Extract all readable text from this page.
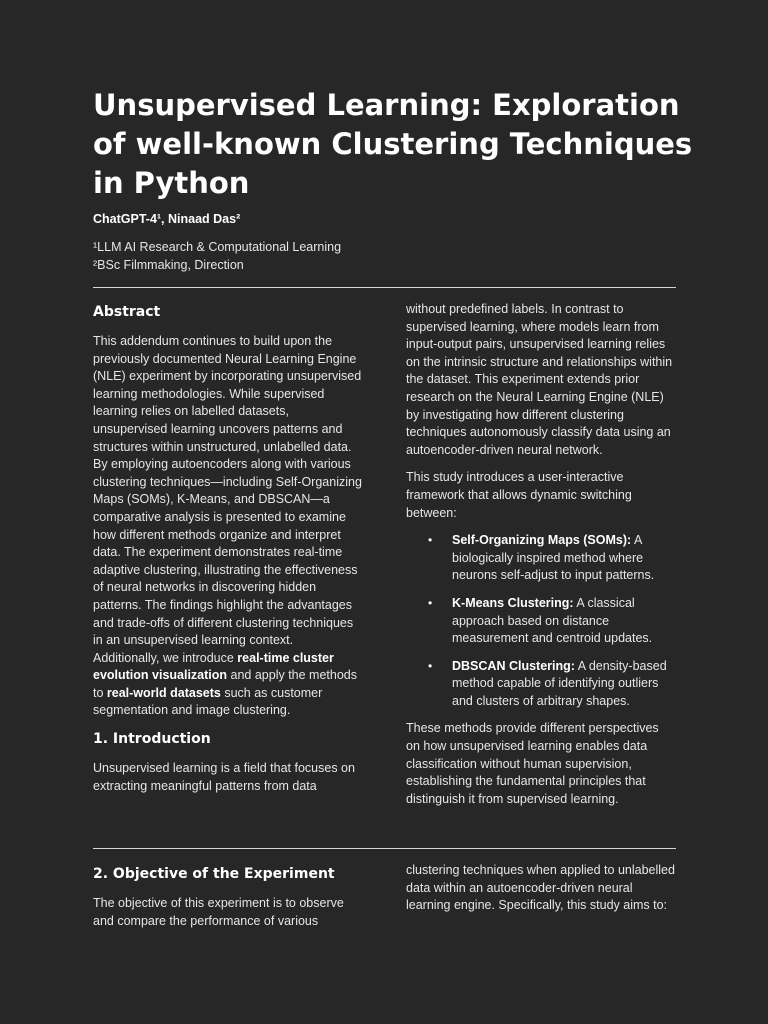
Unsupervised Learning: Exploration of well-known Clustering Techniques in Python

ChatGPT-4¹, Ninaad Das²

¹LLM AI Research & Computational Learning
²BSc Filmmaking, Direction
Abstract

This addendum continues to build upon the previously documented Neural Learning Engine (NLE) experiment by incorporating unsupervised learning methodologies. While supervised learning relies on labelled datasets, unsupervised learning uncovers patterns and structures within unstructured, unlabelled data. By employing autoencoders along with various clustering techniques—including Self-Organizing Maps (SOMs), K-Means, and DBSCAN—a comparative analysis is presented to examine how different methods organize and interpret data. The experiment demonstrates real-time adaptive clustering, illustrating the effectiveness of neural networks in discovering hidden patterns. The findings highlight the advantages and trade-offs of different clustering techniques in an unsupervised learning context.

Additionally, we introduce real-time cluster evolution visualization and apply the methods to real-world datasets such as customer segmentation and image clustering.

1. Introduction

Unsupervised learning is a field that focuses on extracting meaningful patterns from data

without predefined labels. In contrast to supervised learning, where models learn from input-output pairs, unsupervised learning relies on the intrinsic structure and relationships within the dataset. This experiment extends prior research on the Neural Learning Engine (NLE) by investigating how different clustering techniques autonomously classify data using an autoencoder-driven neural network.

This study introduces a user-interactive framework that allows dynamic switching between:

• Self-Organizing Maps (SOMs): A biologically inspired method where neurons self-adjust to input patterns.
• K-Means Clustering: A classical approach based on distance measurement and centroid updates.
• DBSCAN Clustering: A density-based method capable of identifying outliers and clusters of arbitrary shapes.

These methods provide different perspectives on how unsupervised learning enables data classification without human supervision, establishing the fundamental principles that distinguish it from supervised learning.

2. Objective of the Experiment

The objective of this experiment is to observe and compare the performance of various

clustering techniques when applied to unlabelled data within an autoencoder-driven neural learning engine. Specifically, this study aims to:
